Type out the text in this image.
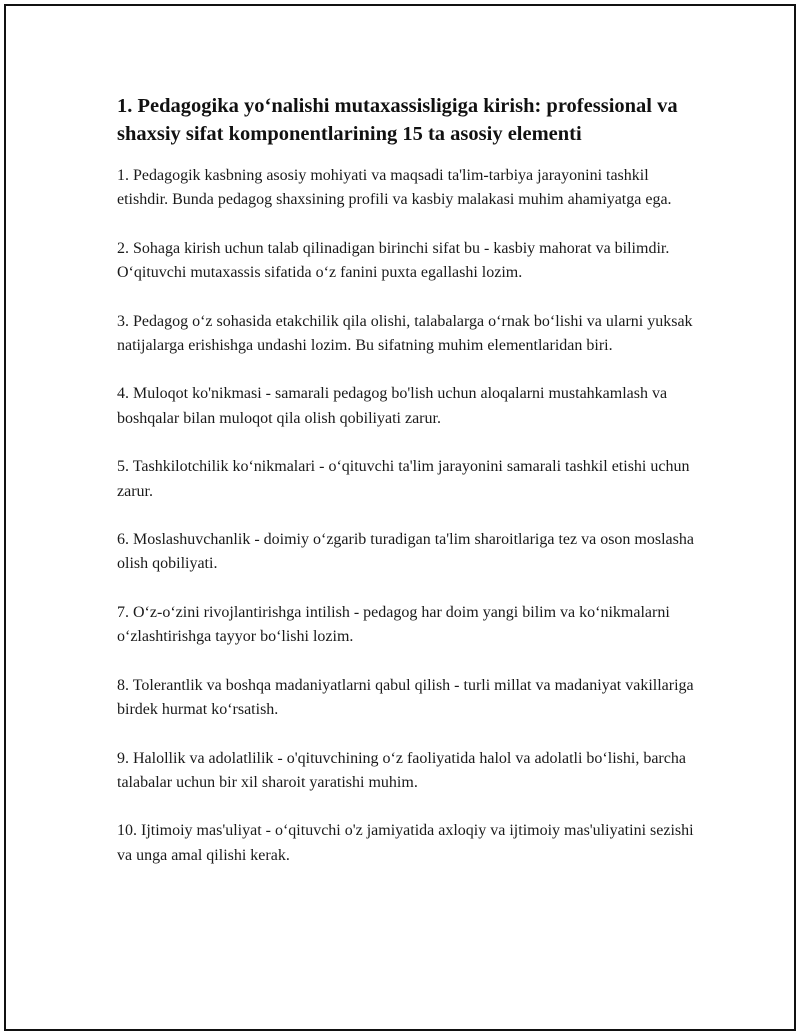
1. Pedagogika yo‘nalishi mutaxassisligiga kirish: professional va shaxsiy sifat komponentlarining 15 ta asosiy elementi

1. Pedagogik kasbning asosiy mohiyati va maqsadi ta'lim-tarbiya jarayonini tashkil etishdir. Bunda pedagog shaxsining profili va kasbiy malakasi muhim ahamiyatga ega.

2. Sohaga kirish uchun talab qilinadigan birinchi sifat bu - kasbiy mahorat va bilimdir. O‘qituvchi mutaxassis sifatida o‘z fanini puxta egallashi lozim.

3. Pedagog o‘z sohasida etakchilik qila olishi, talabalarga o‘rnak bo‘lishi va ularni yuksak natijalarga erishishga undashi lozim. Bu sifatning muhim elementlaridan biri.

4. Muloqot ko'nikmasi - samarali pedagog bo'lish uchun aloqalarni mustahkamlash va boshqalar bilan muloqot qila olish qobiliyati zarur.

5. Tashkilotchilik ko‘nikmalari - o‘qituvchi ta'lim jarayonini samarali tashkil etishi uchun zarur.

6. Moslashuvchanlik - doimiy o‘zgarib turadigan ta'lim sharoitlariga tez va oson moslasha olish qobiliyati.

7. O‘z-o‘zini rivojlantirishga intilish - pedagog har doim yangi bilim va ko‘nikmalarni o‘zlashtirishga tayyor bo‘lishi lozim.

8. Tolerantlik va boshqa madaniyatlarni qabul qilish - turli millat va madaniyat vakillariga birdek hurmat ko‘rsatish.

9. Halollik va adolatlilik - o'qituvchining o‘z faoliyatida halol va adolatli bo‘lishi, barcha talabalar uchun bir xil sharoit yaratishi muhim.

10. Ijtimoiy mas'uliyat - o‘qituvchi o'z jamiyatida axloqiy va ijtimoiy mas'uliyatini sezishi va unga amal qilishi kerak.
